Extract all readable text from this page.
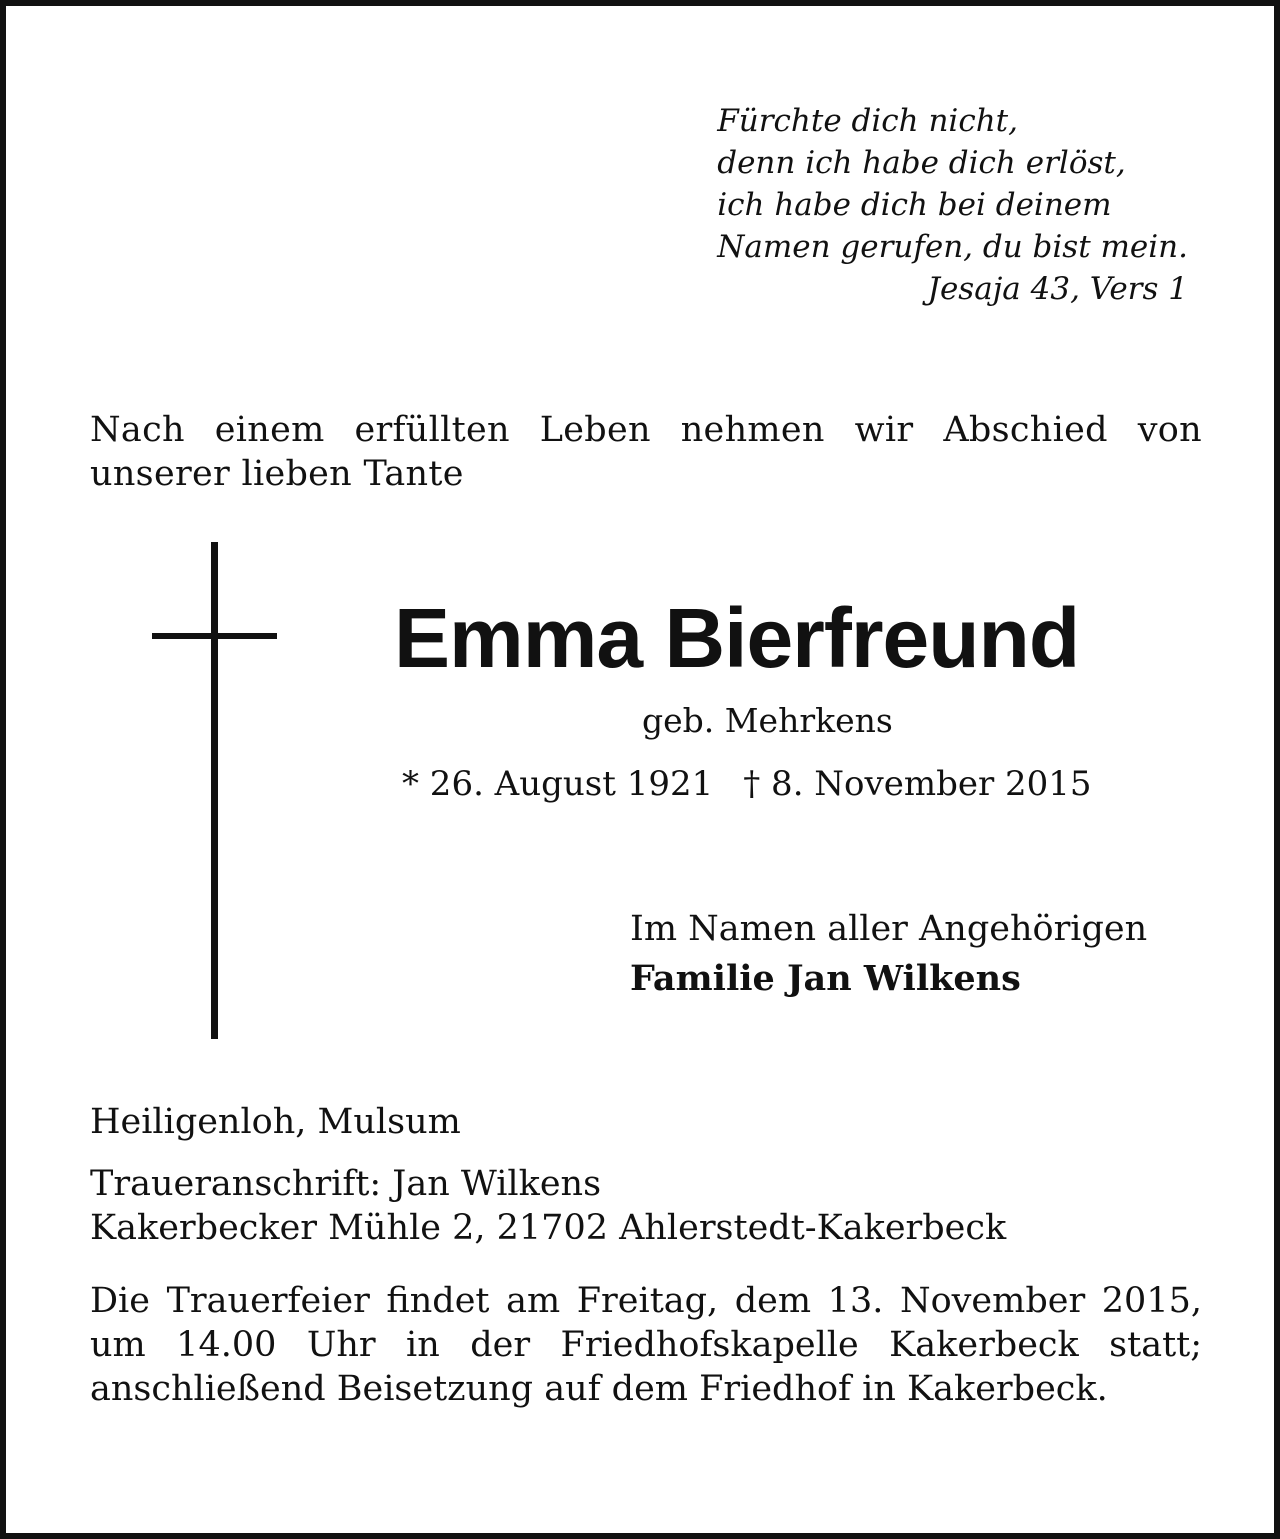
Fürchte dich nicht,
denn ich habe dich erlöst,
ich habe dich bei deinem
Namen gerufen, du bist mein.
Jesaja 43, Vers 1
Nach einem erfüllten Leben nehmen wir Abschied von
unserer lieben Tante
Emma Bierfreund
geb. Mehrkens
* 26. August 1921 † 8. November 2015
Im Namen aller Angehörigen
Familie Jan Wilkens
Heiligenloh, Mulsum
Traueranschrift: Jan Wilkens
Kakerbecker Mühle 2, 21702 Ahlerstedt-Kakerbeck
Die Trauerfeier findet am Freitag, dem 13. November 2015, um 14.00 Uhr in der Friedhofskapelle Kakerbeck statt; anschließend Beisetzung auf dem Friedhof in Kakerbeck.
